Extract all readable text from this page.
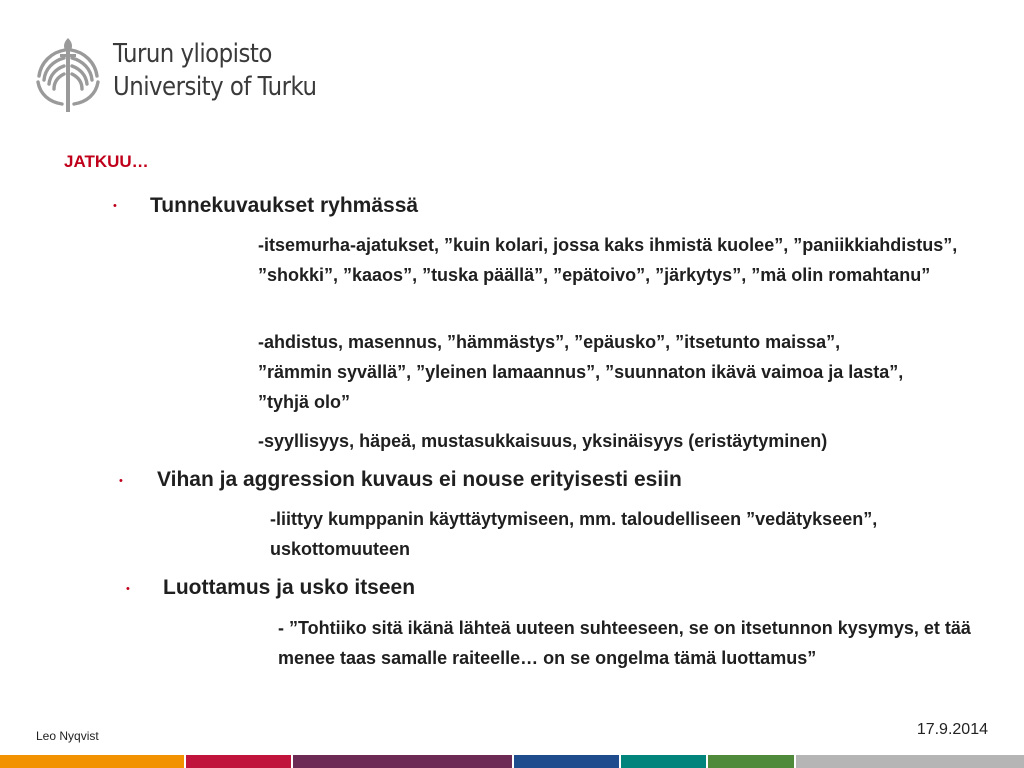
Turun yliopisto
University of Turku
JATKUU…
• Tunnekuvaukset ryhmässä
-itsemurha-ajatukset, ”kuin kolari, jossa kaks ihmistä kuolee”, ”paniikkiahdistus”, ”shokki”, ”kaaos”, ”tuska päällä”, ”epätoivo”, ”järkytys”, ”mä olin romahtanu”
-ahdistus, masennus, ”hämmästys”, ”epäusko”, ”itsetunto maissa”, ”rämmin syvällä”, ”yleinen lamaannus”, ”suunnaton ikävä vaimoa ja lasta”, ”tyhjä olo”
-syyllisyys, häpeä, mustasukkaisuus, yksinäisyys (eristäytyminen)
• Vihan ja aggression kuvaus ei nouse erityisesti esiin
-liittyy kumppanin käyttäytymiseen, mm. taloudelliseen ”vedätykseen”, uskottomuuteen
• Luottamus ja usko itseen
- ”Tohtiiko sitä ikänä lähteä uuteen suhteeseen, se on itsetunnon kysymys, et tää menee taas samalle raiteelle… on se ongelma tämä luottamus”
Leo Nyqvist	17.9.2014
